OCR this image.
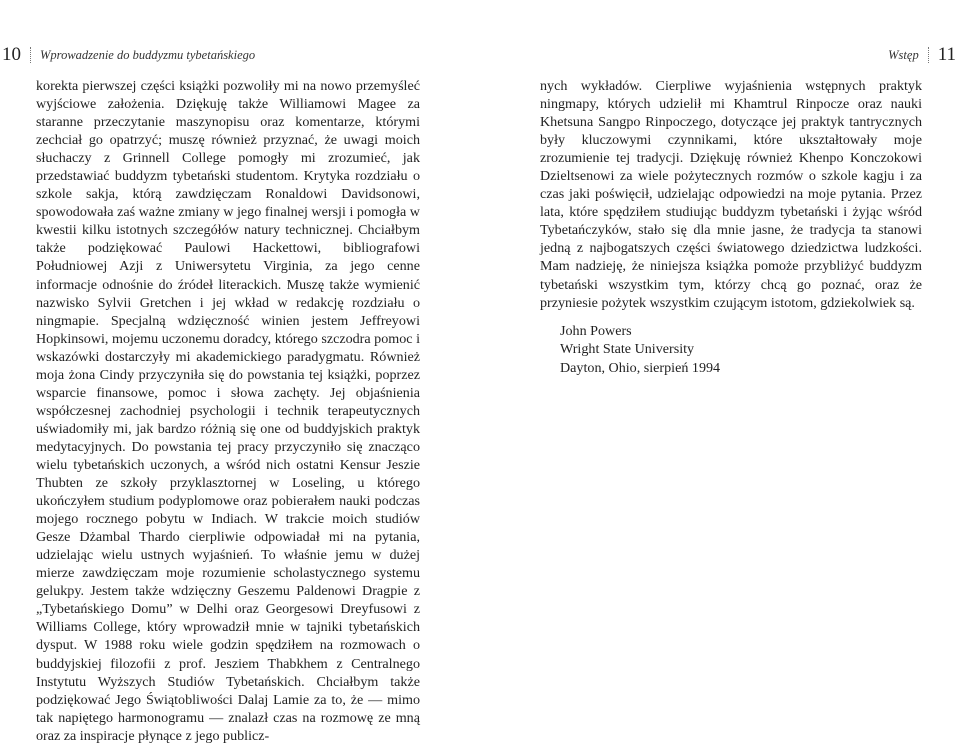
10 Wprowadzenie do buddyzmu tybetańskiego	Wstęp 11

korekta pierwszej części książki pozwoliły mi na nowo przemyśleć wyjściowe założenia. Dziękuję także Williamowi Magee za staranne przeczytanie maszynopisu oraz komentarze, którymi zechciał go opatrzyć; muszę również przyznać, że uwagi moich słuchaczy z Grinnell College pomogły mi zrozumieć, jak przedstawiać buddyzm tybetański studentom. Krytyka rozdziału o szkole sakja, którą zawdzięczam Ronaldowi Davidsonowi, spowodowała zaś ważne zmiany w jego finalnej wersji i pomogła w kwestii kilku istotnych szczegółów natury technicznej. Chciałbym także podziękować Paulowi Hackettowi, bibliografowi Południowej Azji z Uniwersytetu Virginia, za jego cenne informacje odnośnie do źródeł literackich. Muszę także wymienić nazwisko Sylvii Gretchen i jej wkład w redakcję rozdziału o ningmapie. Specjalną wdzięczność winien jestem Jeffreyowi Hopkinsowi, mojemu uczonemu doradcy, którego szczodra pomoc i wskazówki dostarczyły mi akademickiego paradygmatu. Również moja żona Cindy przyczyniła się do powstania tej książki, poprzez wsparcie finansowe, pomoc i słowa zachęty. Jej objaśnienia współczesnej zachodniej psychologii i technik terapeutycznych uświadomiły mi, jak bardzo różnią się one od buddyjskich praktyk medytacyjnych. Do powstania tej pracy przyczyniło się znacząco wielu tybetańskich uczonych, a wśród nich ostatni Kensur Jeszie Thubten ze szkoły przyklasztornej w Loseling, u którego ukończyłem studium podyplomowe oraz pobierałem nauki podczas mojego rocznego pobytu w Indiach. W trakcie moich studiów Gesze Dżambal Thardo cierpliwie odpowiadał mi na pytania, udzielając wielu ustnych wyjaśnień. To właśnie jemu w dużej mierze zawdzięczam moje rozumienie scholastycznego systemu gelukpy. Jestem także wdzięczny Geszemu Paldenowi Dragpie z „Tybetańskiego Domu” w Delhi oraz Georgesowi Dreyfusowi z Williams College, który wprowadził mnie w tajniki tybetańskich dysput. W 1988 roku wiele godzin spędziłem na rozmowach o buddyjskiej filozofii z prof. Jesziem Thabkhem z Centralnego Instytutu Wyższych Studiów Tybetańskich. Chciałbym także podziękować Jego Świątobliwości Dalaj Lamie za to, że — mimo tak napiętego harmonogramu — znalazł czas na rozmowę ze mną oraz za inspiracje płynące z jego publicz-

nych wykładów. Cierpliwe wyjaśnienia wstępnych praktyk ningmapy, których udzielił mi Khamtrul Rinpocze oraz nauki Khetsuna Sangpo Rinpoczego, dotyczące jej praktyk tantrycznych były kluczowymi czynnikami, które ukształtowały moje zrozumienie tej tradycji. Dziękuję również Khenpo Konczokowi Dzieltsenowi za wiele pożytecznych rozmów o szkole kagju i za czas jaki poświęcił, udzielając odpowiedzi na moje pytania. Przez lata, które spędziłem studiując buddyzm tybetański i żyjąc wśród Tybetańczyków, stało się dla mnie jasne, że tradycja ta stanowi jedną z najbogatszych części światowego dziedzictwa ludzkości. Mam nadzieję, że niniejsza książka pomoże przybliżyć buddyzm tybetański wszystkim tym, którzy chcą go poznać, oraz że przyniesie pożytek wszystkim czującym istotom, gdziekolwiek są.

John Powers
Wright State University
Dayton, Ohio, sierpień 1994
